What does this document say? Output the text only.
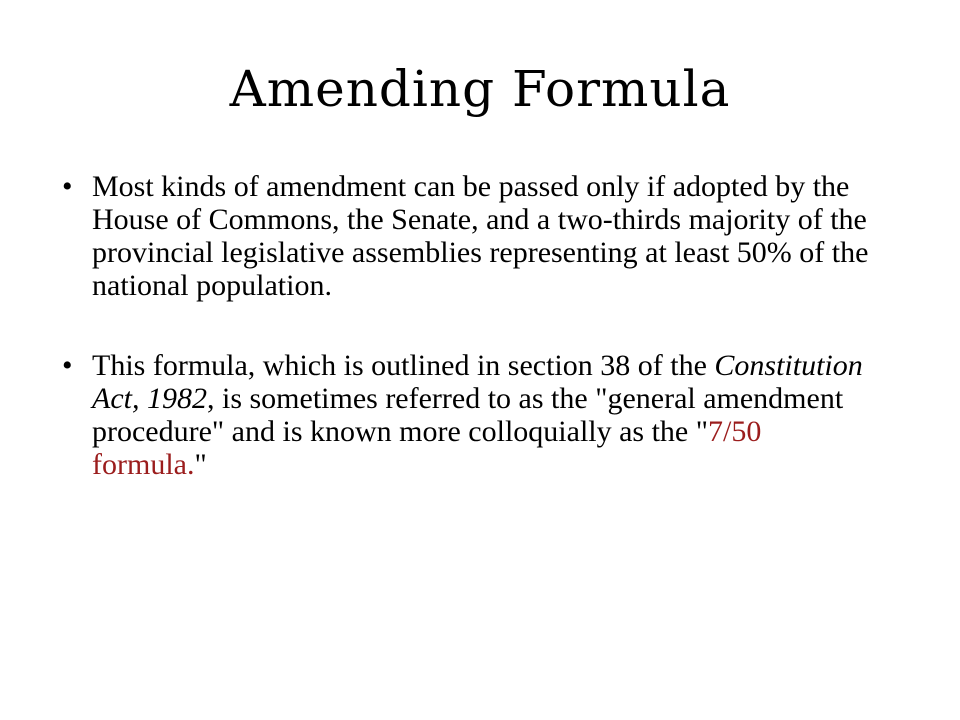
Amending Formula
• Most kinds of amendment can be passed only if adopted by the House of Commons, the Senate, and a two-thirds majority of the provincial legislative assemblies representing at least 50% of the national population.
• This formula, which is outlined in section 38 of the Constitution Act, 1982, is sometimes referred to as the "general amendment procedure" and is known more colloquially as the "7/50 formula."
